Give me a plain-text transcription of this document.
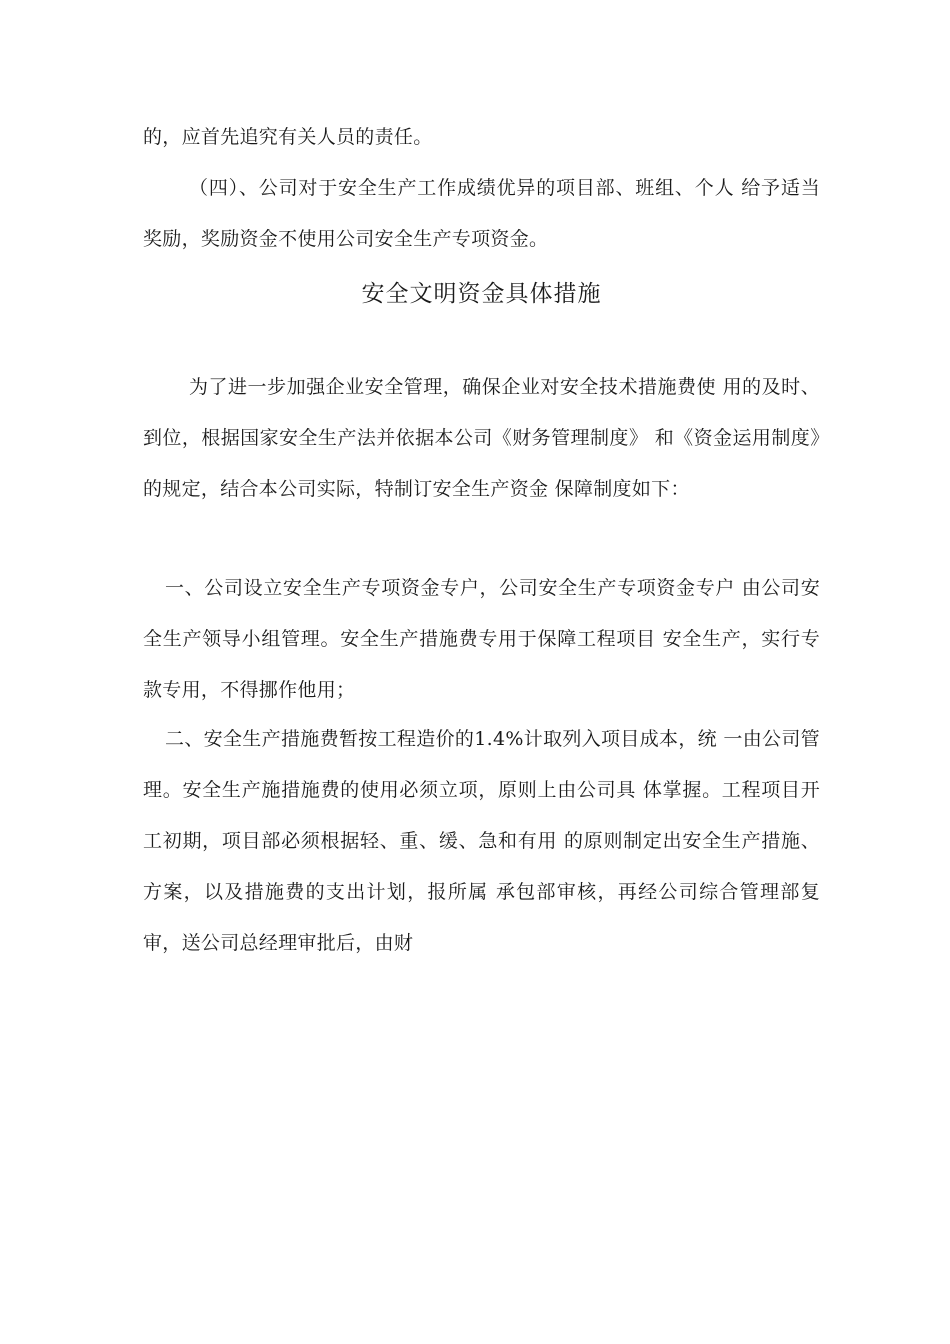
的，应首先追究有关人员的责任。

（四）、公司对于安全生产工作成绩优异的项目部、班组、个人 给予适当奖励，奖励资金不使用公司安全生产专项资金。

安全文明资金具体措施

为了进一步加强企业安全管理，确保企业对安全技术措施费使 用的及时、到位，根据国家安全生产法并依据本公司《财务管理制度》 和《资金运用制度》的规定，结合本公司实际，特制订安全生产资金 保障制度如下：

一、公司设立安全生产专项资金专户，公司安全生产专项资金专户 由公司安全生产领导小组管理。安全生产措施费专用于保障工程项目 安全生产，实行专款专用，不得挪作他用；

二、安全生产措施费暂按工程造价的1.4%计取列入项目成本，统 一由公司管理。安全生产施措施费的使用必须立项，原则上由公司具 体掌握。工程项目开工初期，项目部必须根据轻、重、缓、急和有用 的原则制定出安全生产措施、方案，以及措施费的支出计划，报所属 承包部审核，再经公司综合管理部复审，送公司总经理审批后，由财
